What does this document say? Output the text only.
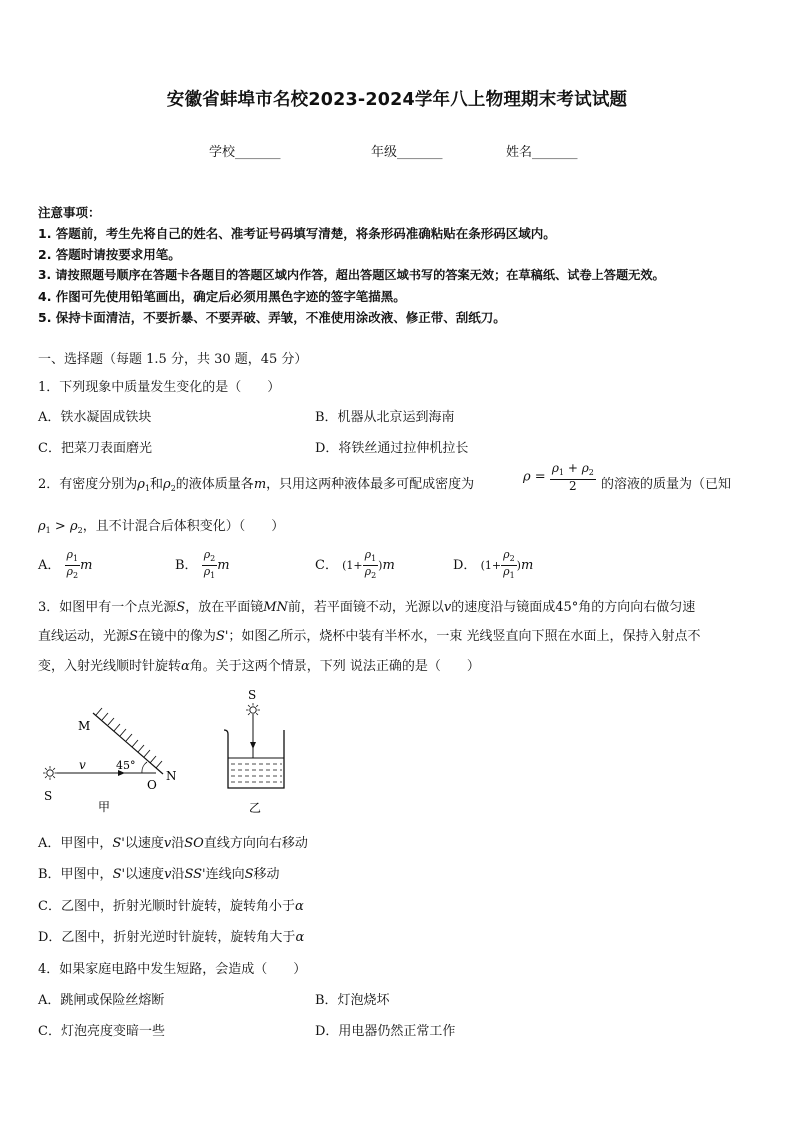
安徽省蚌埠市名校2023-2024学年八上物理期末考试试题
学校_______	年级_______	姓名_______
注意事项：
1. 答题前，考生先将自己的姓名、准考证号码填写清楚，将条形码准确粘贴在条形码区域内。
2. 答题时请按要求用笔。
3. 请按照题号顺序在答题卡各题目的答题区域内作答，超出答题区域书写的答案无效；在草稿纸、试卷上答题无效。
4. 作图可先使用铅笔画出，确定后必须用黑色字迹的签字笔描黑。
5. 保持卡面清洁，不要折暴、不要弄破、弄皱，不准使用涂改液、修正带、刮纸刀。
一、选择题（每题 1.5 分，共 30 题，45 分）
1．下列现象中质量发生变化的是（　　）
A．铁水凝固成铁块	B．机器从北京运到海南
C．把菜刀表面磨光	D．将铁丝通过拉伸机拉长
2．有密度分别为$\rho_1$和$\rho_2$的液体质量各m，只用这两种液体最多可配成密度为	$\rho = \frac{\rho_1 + \rho_2}{2}$ 的溶液的质量为（已知
$\rho_1 > \rho_2$，且不计混合后体积变化）（　　）
A． $\frac{\rho_1}{\rho_2}$ m	B． $\frac{\rho_2}{\rho_1}$ m	C． $(1+ \frac{\rho_1}{\rho_2} )m$	D． $(1+ \frac{\rho_2}{\rho_1} )m$
3．如图甲有一个点光源S，放在平面镜MN前，若平面镜不动，光源以v的速度沿与镜面成45°角的方向向右做匀速
直线运动，光源S在镜中的像为S'；如图乙所示，烧杯中装有半杯水，一束 光线竖直向下照在水面上，保持入射点不
变，入射光线顺时针旋转α角。关于这两个情景，下列 说法正确的是（　　）
M
N
O
S
v	45°
甲
S
乙
A．甲图中，S'以速度v沿SO直线方向向右移动
B．甲图中，S'以速度v沿SS'连线向S移动
C．乙图中，折射光顺时针旋转，旋转角小于α
D．乙图中，折射光逆时针旋转，旋转角大于α
4．如果家庭电路中发生短路，会造成（　　）
A．跳闸或保险丝熔断	B．灯泡烧坏
C．灯泡亮度变暗一些	D．用电器仍然正常工作
